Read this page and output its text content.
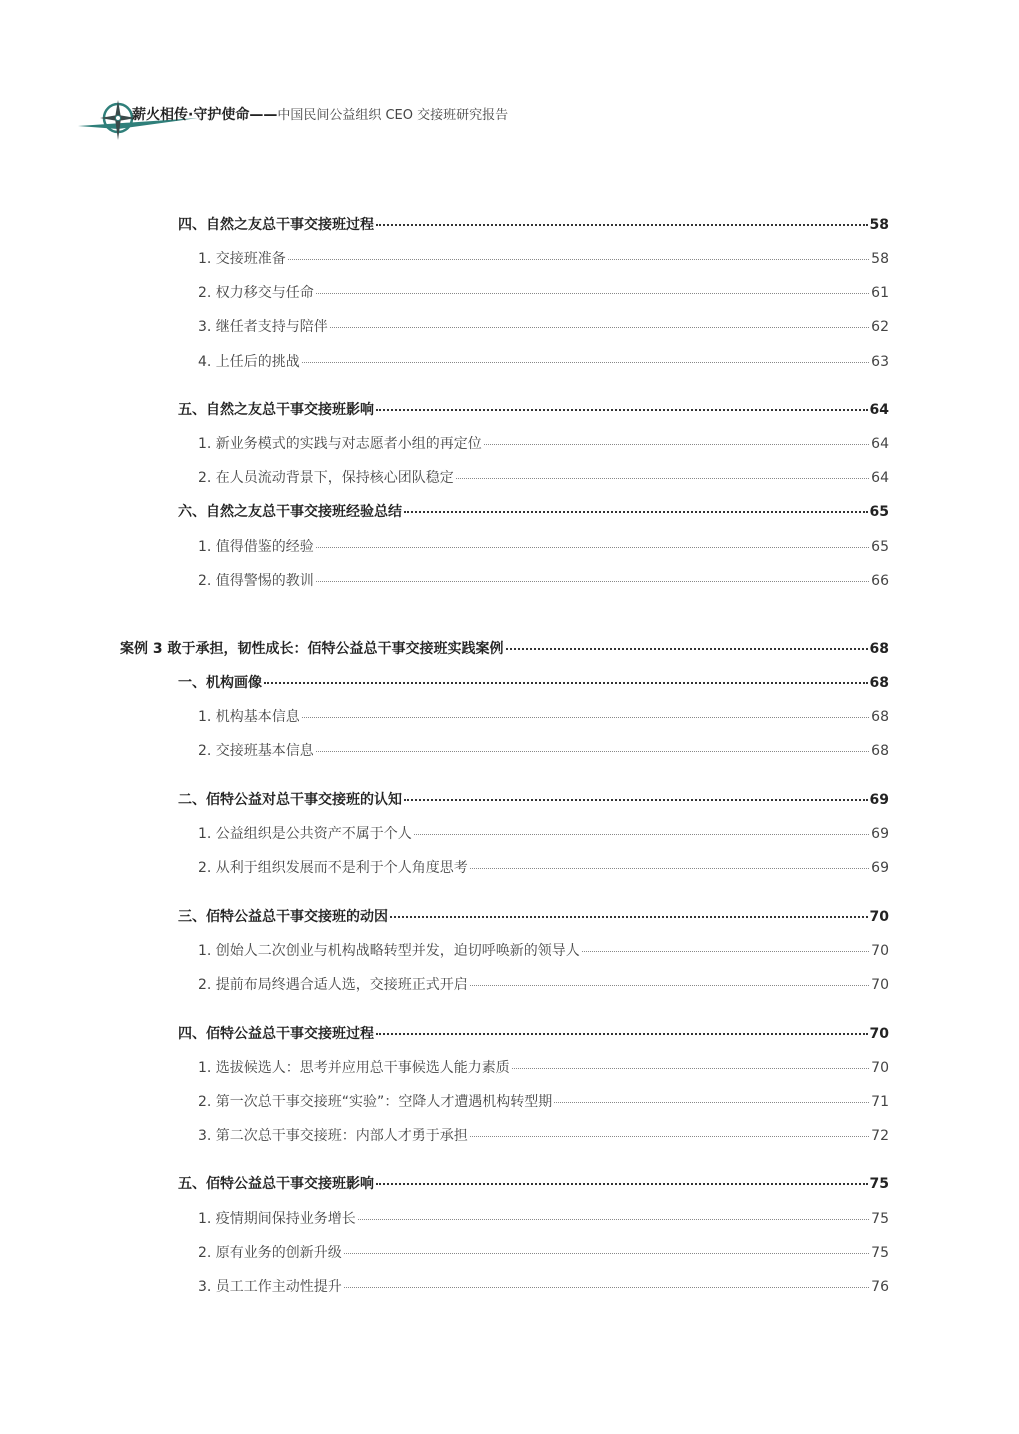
薪火相传·守护使命——中国民间公益组织 CEO 交接班研究报告
四、自然之友总干事交接班过程	58
1. 交接班准备	58
2. 权力移交与任命	61
3. 继任者支持与陪伴	62
4. 上任后的挑战	63
五、自然之友总干事交接班影响	64
1. 新业务模式的实践与对志愿者小组的再定位	64
2. 在人员流动背景下，保持核心团队稳定	64
六、自然之友总干事交接班经验总结	65
1. 值得借鉴的经验	65
2. 值得警惕的教训	66
案例 3 敢于承担，韧性成长：佰特公益总干事交接班实践案例	68
一、机构画像	68
1. 机构基本信息	68
2. 交接班基本信息	68
二、佰特公益对总干事交接班的认知	69
1. 公益组织是公共资产不属于个人	69
2. 从利于组织发展而不是利于个人角度思考	69
三、佰特公益总干事交接班的动因	70
1. 创始人二次创业与机构战略转型并发，迫切呼唤新的领导人	70
2. 提前布局终遇合适人选，交接班正式开启	70
四、佰特公益总干事交接班过程	70
1. 选拔候选人：思考并应用总干事候选人能力素质	70
2. 第一次总干事交接班“实验”：空降人才遭遇机构转型期	71
3. 第二次总干事交接班：内部人才勇于承担	72
五、佰特公益总干事交接班影响	75
1. 疫情期间保持业务增长	75
2. 原有业务的创新升级	75
3. 员工工作主动性提升	76
